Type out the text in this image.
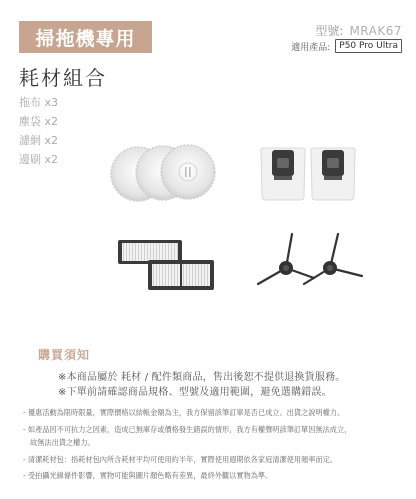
掃拖機專用	型號: MRAK67
適用產品:	P50 Pro Ultra
耗材組合
拖布 x3
塵袋 x2
濾網 x2
邊刷 x2
購買須知
※本商品屬於 耗材 / 配件類商品，售出後恕不提供退換貨服務。
※下單前請確認商品規格、型號及適用範圍，避免選購錯誤。
- 優惠活動為限時限量，實際價格以結帳金額為主，我方保留該筆訂單是否已成立、出貨之說明權力。
- 如產品因不可抗力之因素，造成已無庫存或價格發生錯誤的情形，我方有權聲明該筆訂單因無法成立，
故無法出貨之權力。
- 清潔耗材包：指耗材包內所含耗材平均可使用約半年，實際使用週期依各家庭清潔使用頻率而定。
- 受拍攝光線條件影響，實物可能與圖片顏色略有差異，最終外觀以實物為準。
